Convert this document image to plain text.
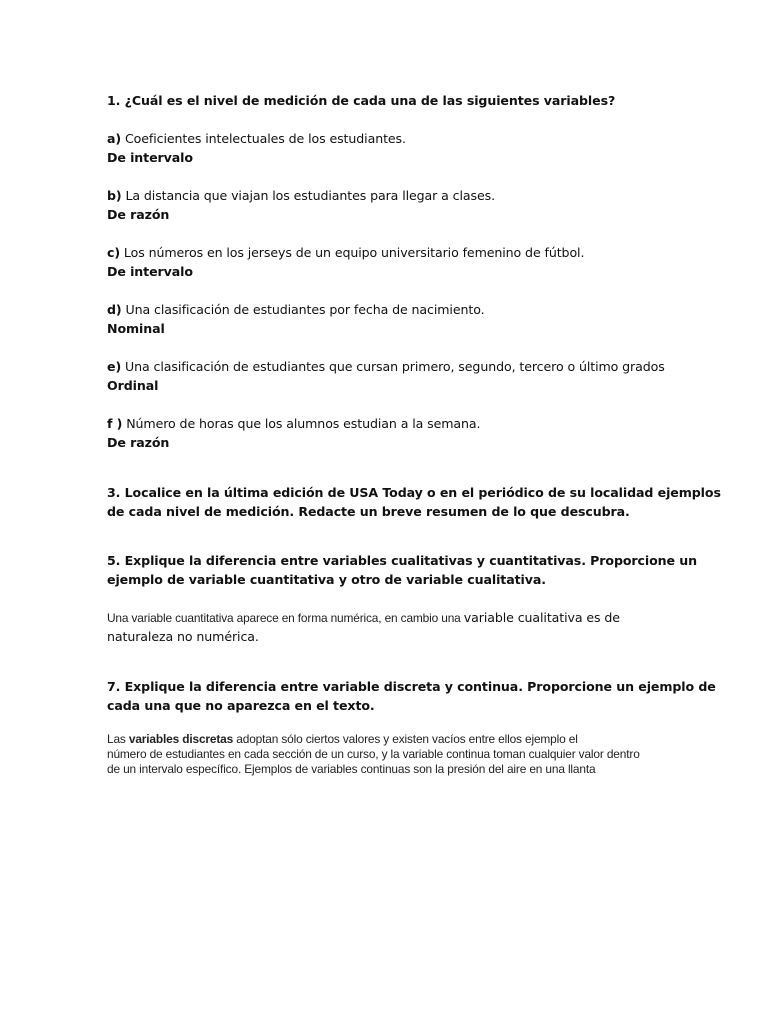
1. ¿Cuál es el nivel de medición de cada una de las siguientes variables?

a) Coeficientes intelectuales de los estudiantes.

De intervalo

b) La distancia que viajan los estudiantes para llegar a clases.

De razón

c) Los números en los jerseys de un equipo universitario femenino de fútbol.

De intervalo

d) Una clasificación de estudiantes por fecha de nacimiento.

Nominal

e) Una clasificación de estudiantes que cursan primero, segundo, tercero o último grados

Ordinal

f ) Número de horas que los alumnos estudian a la semana.

De razón

3. Localice en la última edición de USA Today o en el periódico de su localidad ejemplos

de cada nivel de medición. Redacte un breve resumen de lo que descubra.

5. Explique la diferencia entre variables cualitativas y cuantitativas. Proporcione un

ejemplo de variable cuantitativa y otro de variable cualitativa.

Una variable cuantitativa aparece en forma numérica, en cambio una variable cualitativa es de

naturaleza no numérica.

7. Explique la diferencia entre variable discreta y continua. Proporcione un ejemplo de

cada una que no aparezca en el texto.

Las variables discretas adoptan sólo ciertos valores y existen vacíos entre ellos ejemplo el

número de estudiantes en cada sección de un curso, y la variable continua toman cualquier valor dentro

de un intervalo específico. Ejemplos de variables continuas son la presión del aire en una llanta
